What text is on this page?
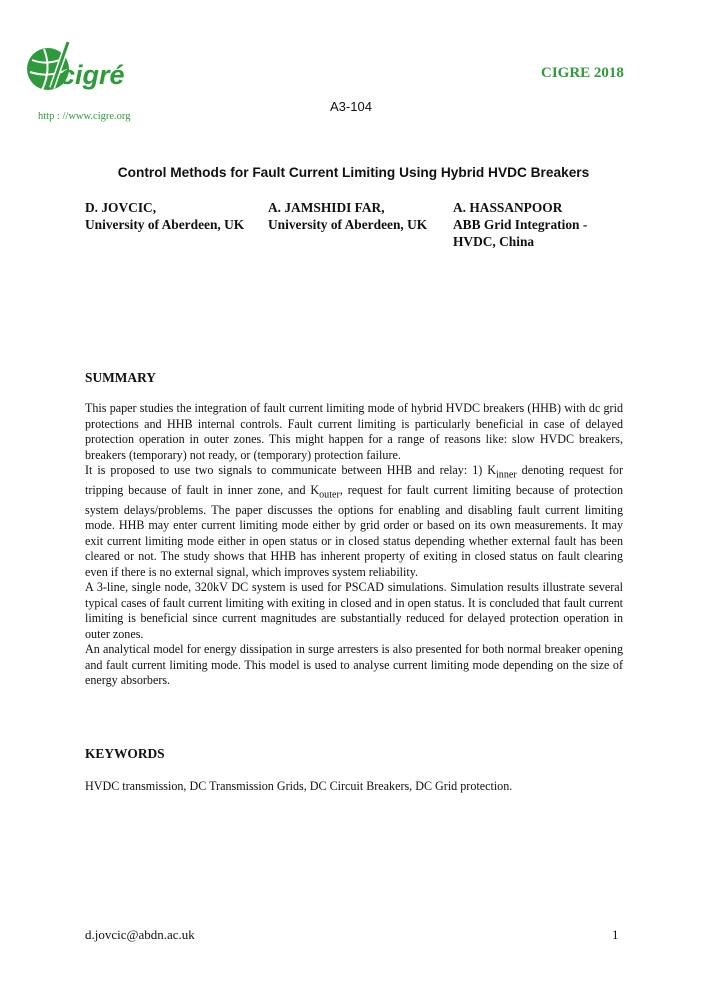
cigré
http : //www.cigre.org
CIGRE 2018
A3-104
Control Methods for Fault Current Limiting Using Hybrid HVDC Breakers
D. JOVCIC,
University of Aberdeen, UK
A. JAMSHIDI FAR,
University of Aberdeen, UK
A. HASSANPOOR
ABB Grid Integration - HVDC, China
SUMMARY

This paper studies the integration of fault current limiting mode of hybrid HVDC breakers (HHB) with dc grid protections and HHB internal controls. Fault current limiting is particularly beneficial in case of delayed protection operation in outer zones. This might happen for a range of reasons like: slow HVDC breakers, breakers (temporary) not ready, or (temporary) protection failure.

It is proposed to use two signals to communicate between HHB and relay: 1) $K_{inner}$ denoting request for tripping because of fault in inner zone, and $K_{outer}$, request for fault current limiting because of protection system delays/problems. The paper discusses the options for enabling and disabling fault current limiting mode. HHB may enter current limiting mode either by grid order or based on its own measurements. It may exit current limiting mode either in open status or in closed status depending whether external fault has been cleared or not. The study shows that HHB has inherent property of exiting in closed status on fault clearing even if there is no external signal, which improves system reliability.

A 3-line, single node, 320kV DC system is used for PSCAD simulations. Simulation results illustrate several typical cases of fault current limiting with exiting in closed and in open status. It is concluded that fault current limiting is beneficial since current magnitudes are substantially reduced for delayed protection operation in outer zones.

An analytical model for energy dissipation in surge arresters is also presented for both normal breaker opening and fault current limiting mode. This model is used to analyse current limiting mode depending on the size of energy absorbers.

KEYWORDS
HVDC transmission, DC Transmission Grids, DC Circuit Breakers, DC Grid protection.
d.jovcic@abdn.ac.uk	1
